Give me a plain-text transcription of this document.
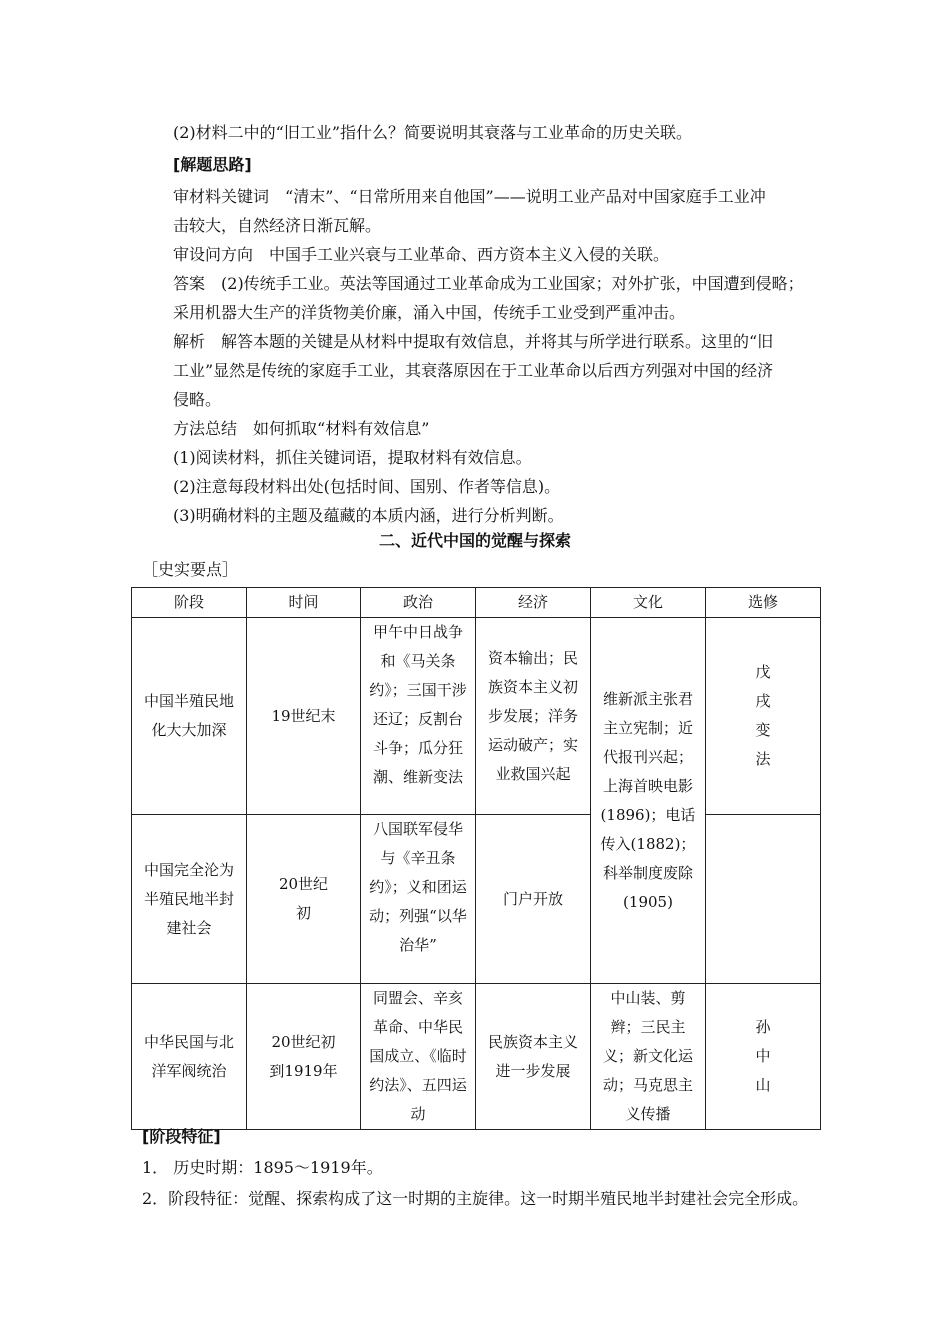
(2)材料二中的“旧工业”指什么？简要说明其衰落与工业革命的历史关联。
[解题思路]
审材料关键词 “清末”、“日常所用来自他国”——说明工业产品对中国家庭手工业冲
击较大，自然经济日渐瓦解。
审设问方向 中国手工业兴衰与工业革命、西方资本主义入侵的关联。
答案 (2)传统手工业。英法等国通过工业革命成为工业国家；对外扩张，中国遭到侵略；
采用机器大生产的洋货物美价廉，涌入中国，传统手工业受到严重冲击。
解析 解答本题的关键是从材料中提取有效信息，并将其与所学进行联系。这里的“旧
工业”显然是传统的家庭手工业，其衰落原因在于工业革命以后西方列强对中国的经济
侵略。
方法总结 如何抓取“材料有效信息”
(1)阅读材料，抓住关键词语，提取材料有效信息。
(2)注意每段材料出处(包括时间、国别、作者等信息)。
(3)明确材料的主题及蕴藏的本质内涵，进行分析判断。
二、近代中国的觉醒与探索
［史实要点］
阶段	时间	政治	经济	文化	选修
中国半殖民地化大大加深	19世纪末	甲午中日战争和《马关条约》；三国干涉还辽；反割台斗争；瓜分狂潮、维新变法	资本输出；民族资本主义初步发展；洋务运动破产；实业救国兴起	维新派主张君主立宪制；近代报刊兴起；上海首映电影(1896)；电话传入(1882)；科举制度废除(1905)	戊戌变法
中国完全沦为半殖民地半封建社会	20世纪初	八国联军侵华与《辛丑条约》；义和团运动；列强“以华治华”	门户开放		
中华民国与北洋军阀统治	20世纪初到1919年	同盟会、辛亥革命、中华民国成立、《临时约法》、五四运动	民族资本主义进一步发展	中山装、剪辫；三民主义；新文化运动；马克思主义传播	孙中山
[阶段特征]
1． 历史时期：1895～1919年。
2．阶段特征：觉醒、探索构成了这一时期的主旋律。这一时期半殖民地半封建社会完全形成。
